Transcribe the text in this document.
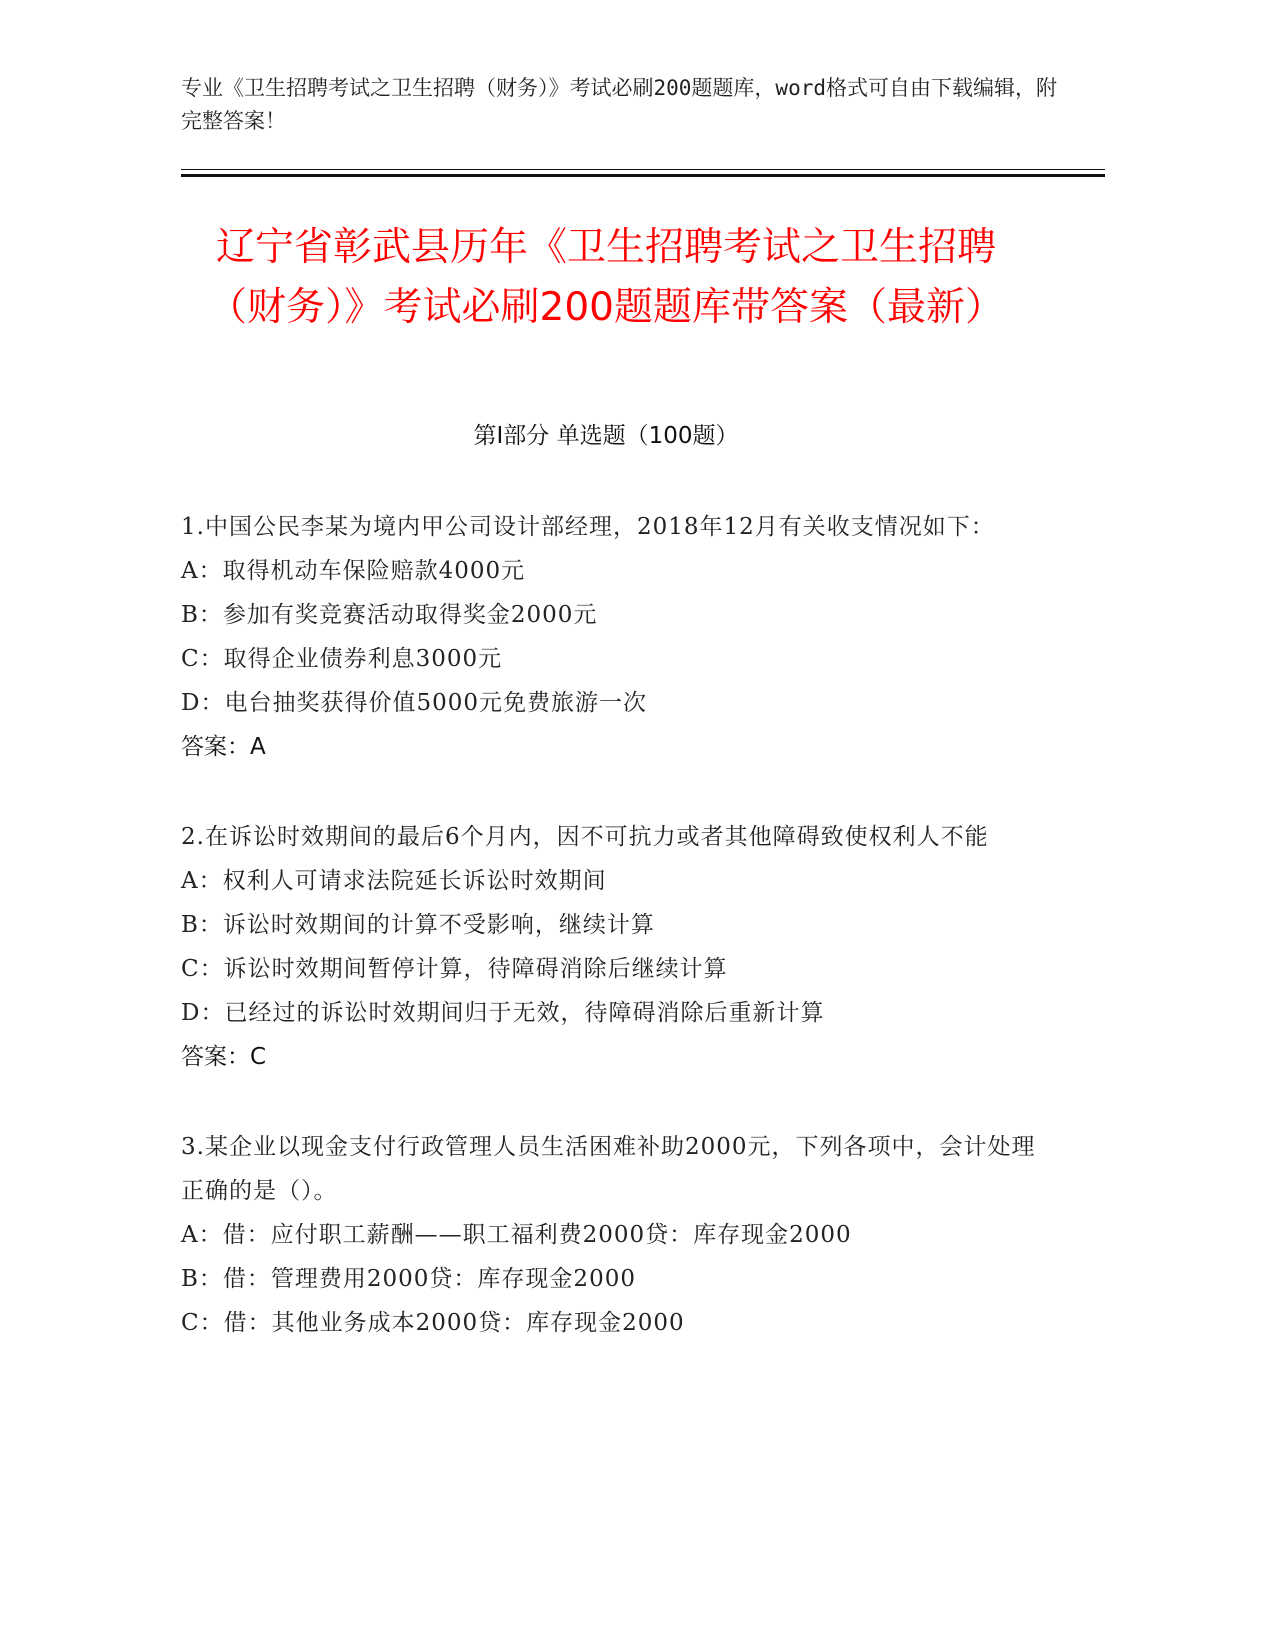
专业《卫生招聘考试之卫生招聘（财务）》考试必刷200题题库，word格式可自由下载编辑，附完整答案！
辽宁省彰武县历年《卫生招聘考试之卫生招聘（财务）》考试必刷200题题库带答案（最新）
第I部分 单选题（100题）
1.中国公民李某为境内甲公司设计部经理，2018年12月有关收支情况如下：
A：取得机动车保险赔款4000元
B：参加有奖竞赛活动取得奖金2000元
C：取得企业债券利息3000元
D：电台抽奖获得价值5000元免费旅游一次
答案：A
2.在诉讼时效期间的最后6个月内，因不可抗力或者其他障碍致使权利人不能
A：权利人可请求法院延长诉讼时效期间
B：诉讼时效期间的计算不受影响，继续计算
C：诉讼时效期间暂停计算，待障碍消除后继续计算
D：已经过的诉讼时效期间归于无效，待障碍消除后重新计算
答案：C
3.某企业以现金支付行政管理人员生活困难补助2000元，下列各项中，会计处理正确的是（）。
A：借：应付职工薪酬——职工福利费2000贷：库存现金2000
B：借：管理费用2000贷：库存现金2000
C：借：其他业务成本2000贷：库存现金2000
